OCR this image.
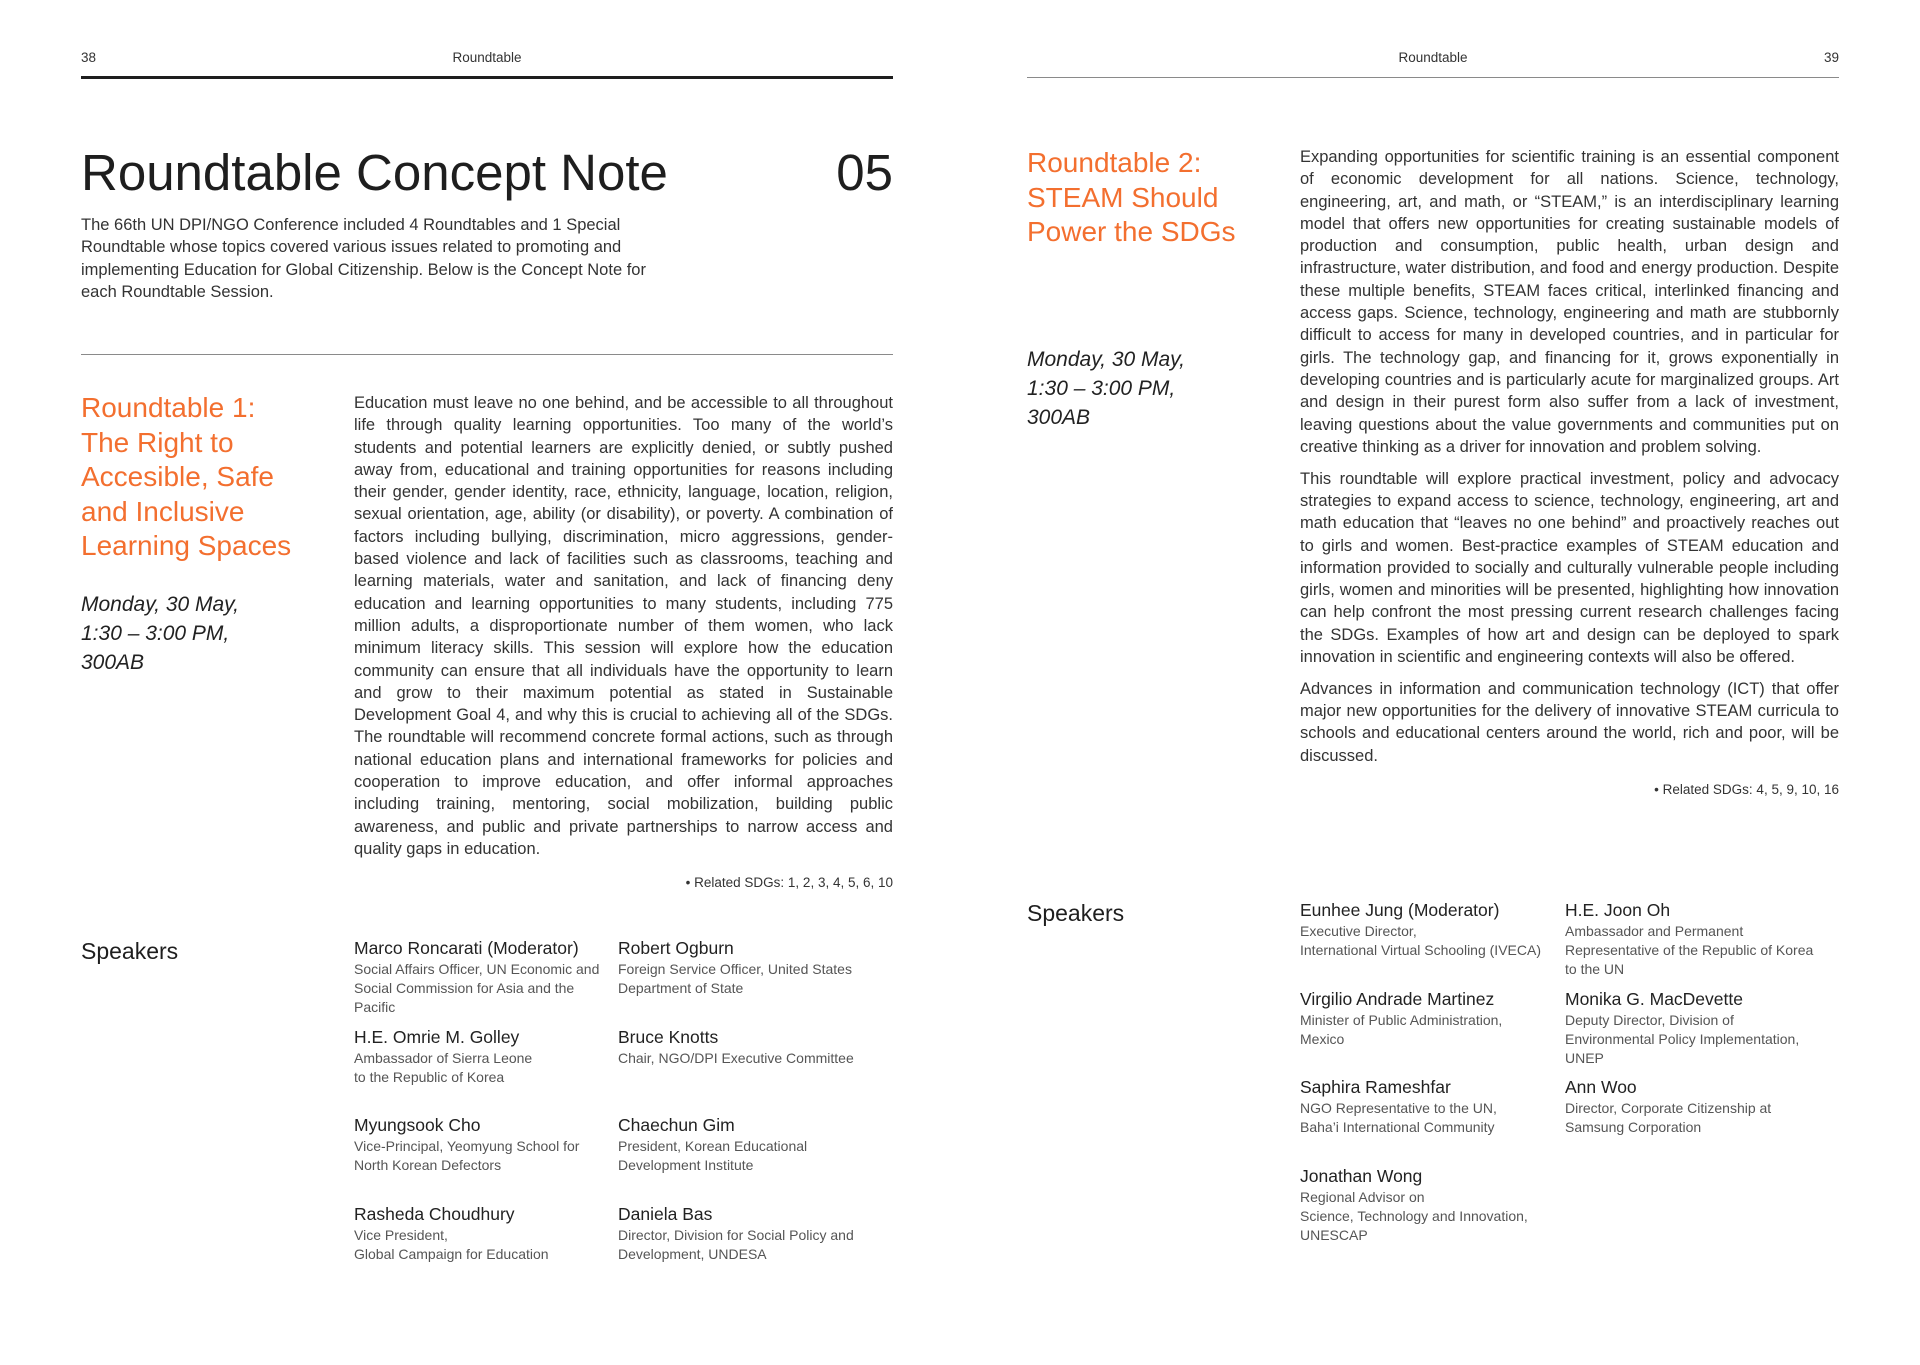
38	Roundtable
Roundtable Concept Note	05
The 66th UN DPI/NGO Conference included 4 Roundtables and 1 Special Roundtable whose topics covered various issues related to promoting and implementing Education for Global Citizenship. Below is the Concept Note for each Roundtable Session.
Roundtable 1:
The Right to
Accesible, Safe
and Inclusive
Learning Spaces
Monday, 30 May,
1:30 – 3:00 PM,
300AB

Education must leave no one behind, and be accessible to all throughout life through quality learning opportunities. Too many of the world’s students and potential learners are explicitly denied, or subtly pushed away from, educational and training opportunities for reasons including their gender, gender identity, race, ethnicity, language, location, religion, sexual orientation, age, ability (or disability), or poverty. A combination of factors including bullying, discrimination, micro aggressions, gender-based violence and lack of facilities such as classrooms, teaching and learning materials, water and sanitation, and lack of financing deny education and learning opportunities to many students, including 775 million adults, a disproportionate number of them women, who lack minimum literacy skills. This session will explore how the education community can ensure that all individuals have the opportunity to learn and grow to their maximum potential as stated in Sustainable Development Goal 4, and why this is crucial to achieving all of the SDGs. The roundtable will recommend concrete formal actions, such as through national education plans and international frameworks for policies and cooperation to improve education, and offer informal approaches including training, mentoring, social mobilization, building public awareness, and public and private partnerships to narrow access and quality gaps in education.

• Related SDGs: 1, 2, 3, 4, 5, 6, 10
Speakers	Marco Roncarati (Moderator)
Social Affairs Officer, UN Economic and
Social Commission for Asia and the
Pacific
Robert Ogburn
Foreign Service Officer, United States
Department of State
H.E. Omrie M. Golley
Ambassador of Sierra Leone
to the Republic of Korea
Bruce Knotts
Chair, NGO/DPI Executive Committee
Myungsook Cho
Vice-Principal, Yeomyung School for
North Korean Defectors
Chaechun Gim
President, Korean Educational
Development Institute
Rasheda Choudhury
Vice President,
Global Campaign for Education
Daniela Bas
Director, Division for Social Policy and
Development, UNDESA
Roundtable	39
Roundtable 2:
STEAM Should
Power the SDGs
Monday, 30 May,
1:30 – 3:00 PM,
300AB

Expanding opportunities for scientific training is an essential component of economic development for all nations. Science, technology, engineering, art, and math, or “STEAM,” is an interdisciplinary learning model that offers new opportunities for creating sustainable models of production and consumption, public health, urban design and infrastructure, water distribution, and food and energy production. Despite these multiple benefits, STEAM faces critical, interlinked financing and access gaps. Science, technology, engineering and math are stubbornly difficult to access for many in developed countries, and in particular for girls. The technology gap, and financing for it, grows exponentially in developing countries and is particularly acute for marginalized groups. Art and design in their purest form also suffer from a lack of investment, leaving questions about the value governments and communities put on creative thinking as a driver for innovation and problem solving.

This roundtable will explore practical investment, policy and advocacy strategies to expand access to science, technology, engineering, art and math education that “leaves no one behind” and proactively reaches out to girls and women. Best-practice examples of STEAM education and information provided to socially and culturally vulnerable people including girls, women and minorities will be presented, highlighting how innovation can help confront the most pressing current research challenges facing the SDGs. Examples of how art and design can be deployed to spark innovation in scientific and engineering contexts will also be offered.

Advances in information and communication technology (ICT) that offer major new opportunities for the delivery of innovative STEAM curricula to schools and educational centers around the world, rich and poor, will be discussed.

• Related SDGs: 4, 5, 9, 10, 16
Speakers	Eunhee Jung (Moderator)
Executive Director,
International Virtual Schooling (IVECA)
H.E. Joon Oh
Ambassador and Permanent
Representative of the Republic of Korea
to the UN
Virgilio Andrade Martinez
Minister of Public Administration,
Mexico
Monika G. MacDevette
Deputy Director, Division of
Environmental Policy Implementation,
UNEP
Saphira Rameshfar
NGO Representative to the UN,
Baha’i International Community
Ann Woo
Director, Corporate Citizenship at
Samsung Corporation
Jonathan Wong
Regional Advisor on
Science, Technology and Innovation,
UNESCAP
